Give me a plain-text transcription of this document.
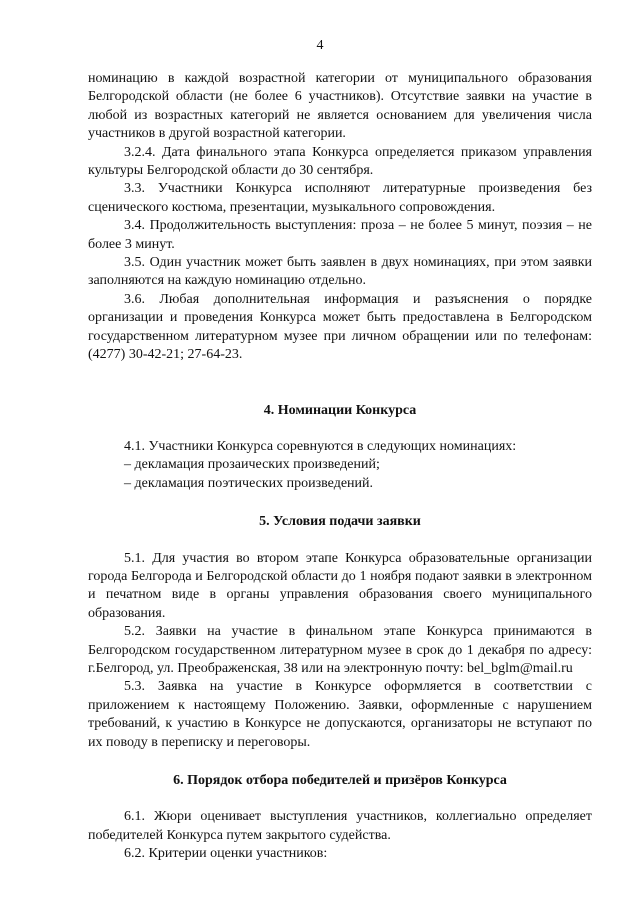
4

номинацию в каждой возрастной категории от муниципального образования Белгородской области (не более 6 участников). Отсутствие заявки на участие в любой из возрастных категорий не является основанием для увеличения числа участников в другой возрастной категории.

3.2.4. Дата финального этапа Конкурса определяется приказом управления культуры Белгородской области до 30 сентября.

3.3. Участники Конкурса исполняют литературные произведения без сценического костюма, презентации, музыкального сопровождения.

3.4. Продолжительность выступления: проза – не более 5 минут, поэзия – не более 3 минут.

3.5. Один участник может быть заявлен в двух номинациях, при этом заявки заполняются на каждую номинацию отдельно.

3.6. Любая дополнительная информация и разъяснения о порядке организации и проведения Конкурса может быть предоставлена в Белгородском государственном литературном музее при личном обращении или по телефонам: (4277) 30-42-21; 27-64-23.

4. Номинации Конкурса

4.1. Участники Конкурса соревнуются в следующих номинациях:

– декламация прозаических произведений;

– декламация поэтических произведений.

5. Условия подачи заявки

5.1. Для участия во втором этапе Конкурса образовательные организации города Белгорода и Белгородской области до 1 ноября подают заявки в электронном и печатном виде в органы управления образования своего муниципального образования.

5.2. Заявки на участие в финальном этапе Конкурса принимаются в Белгородском государственном литературном музее в срок до 1 декабря по адресу: г.Белгород, ул. Преображенская, 38 или на электронную почту: bel_bglm@mail.ru

5.3. Заявка на участие в Конкурсе оформляется в соответствии с приложением к настоящему Положению. Заявки, оформленные с нарушением требований, к участию в Конкурсе не допускаются, организаторы не вступают по их поводу в переписку и переговоры.

6. Порядок отбора победителей и призёров Конкурса

6.1. Жюри оценивает выступления участников, коллегиально определяет победителей Конкурса путем закрытого судейства.

6.2. Критерии оценки участников:
